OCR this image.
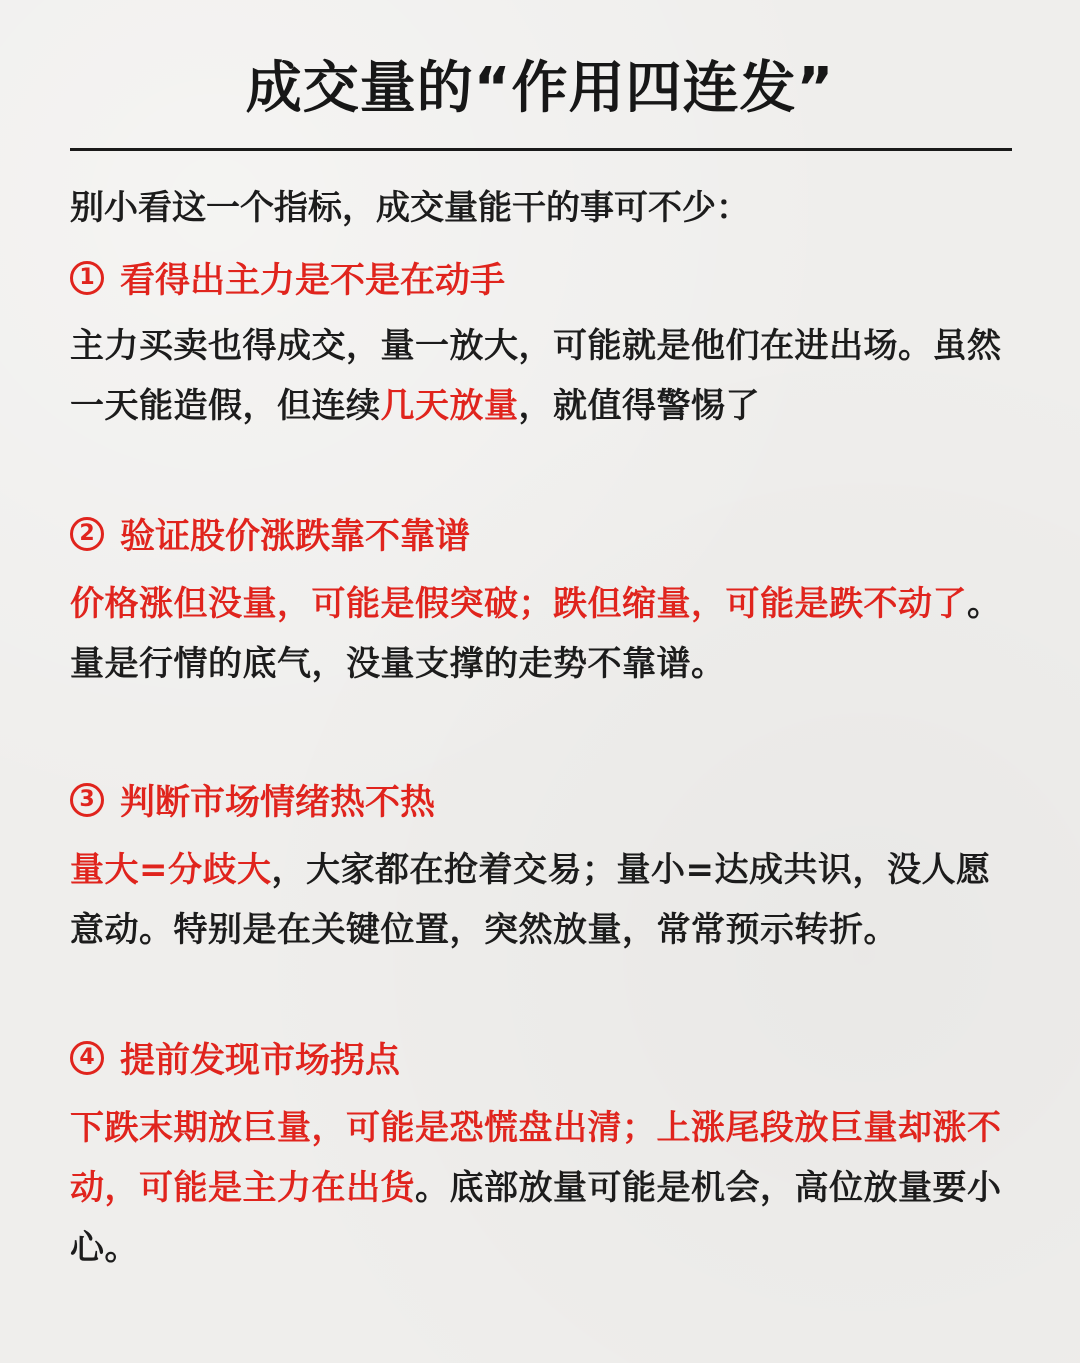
成交量的“作用四连发”

别小看这一个指标，成交量能干的事可不少：

1 看得出主力是不是在动手

主力买卖也得成交，量一放大，可能就是他们在进出场。虽然一天能造假，但连续几天放量，就值得警惕了

2 验证股价涨跌靠不靠谱

价格涨但没量，可能是假突破；跌但缩量，可能是跌不动了。量是行情的底气，没量支撑的走势不靠谱。

3 判断市场情绪热不热

量大=分歧大，大家都在抢着交易；量小=达成共识，没人愿意动。特别是在关键位置，突然放量，常常预示转折。

4 提前发现市场拐点

下跌末期放巨量，可能是恐慌盘出清；上涨尾段放巨量却涨不动，可能是主力在出货。底部放量可能是机会，高位放量要小心。
